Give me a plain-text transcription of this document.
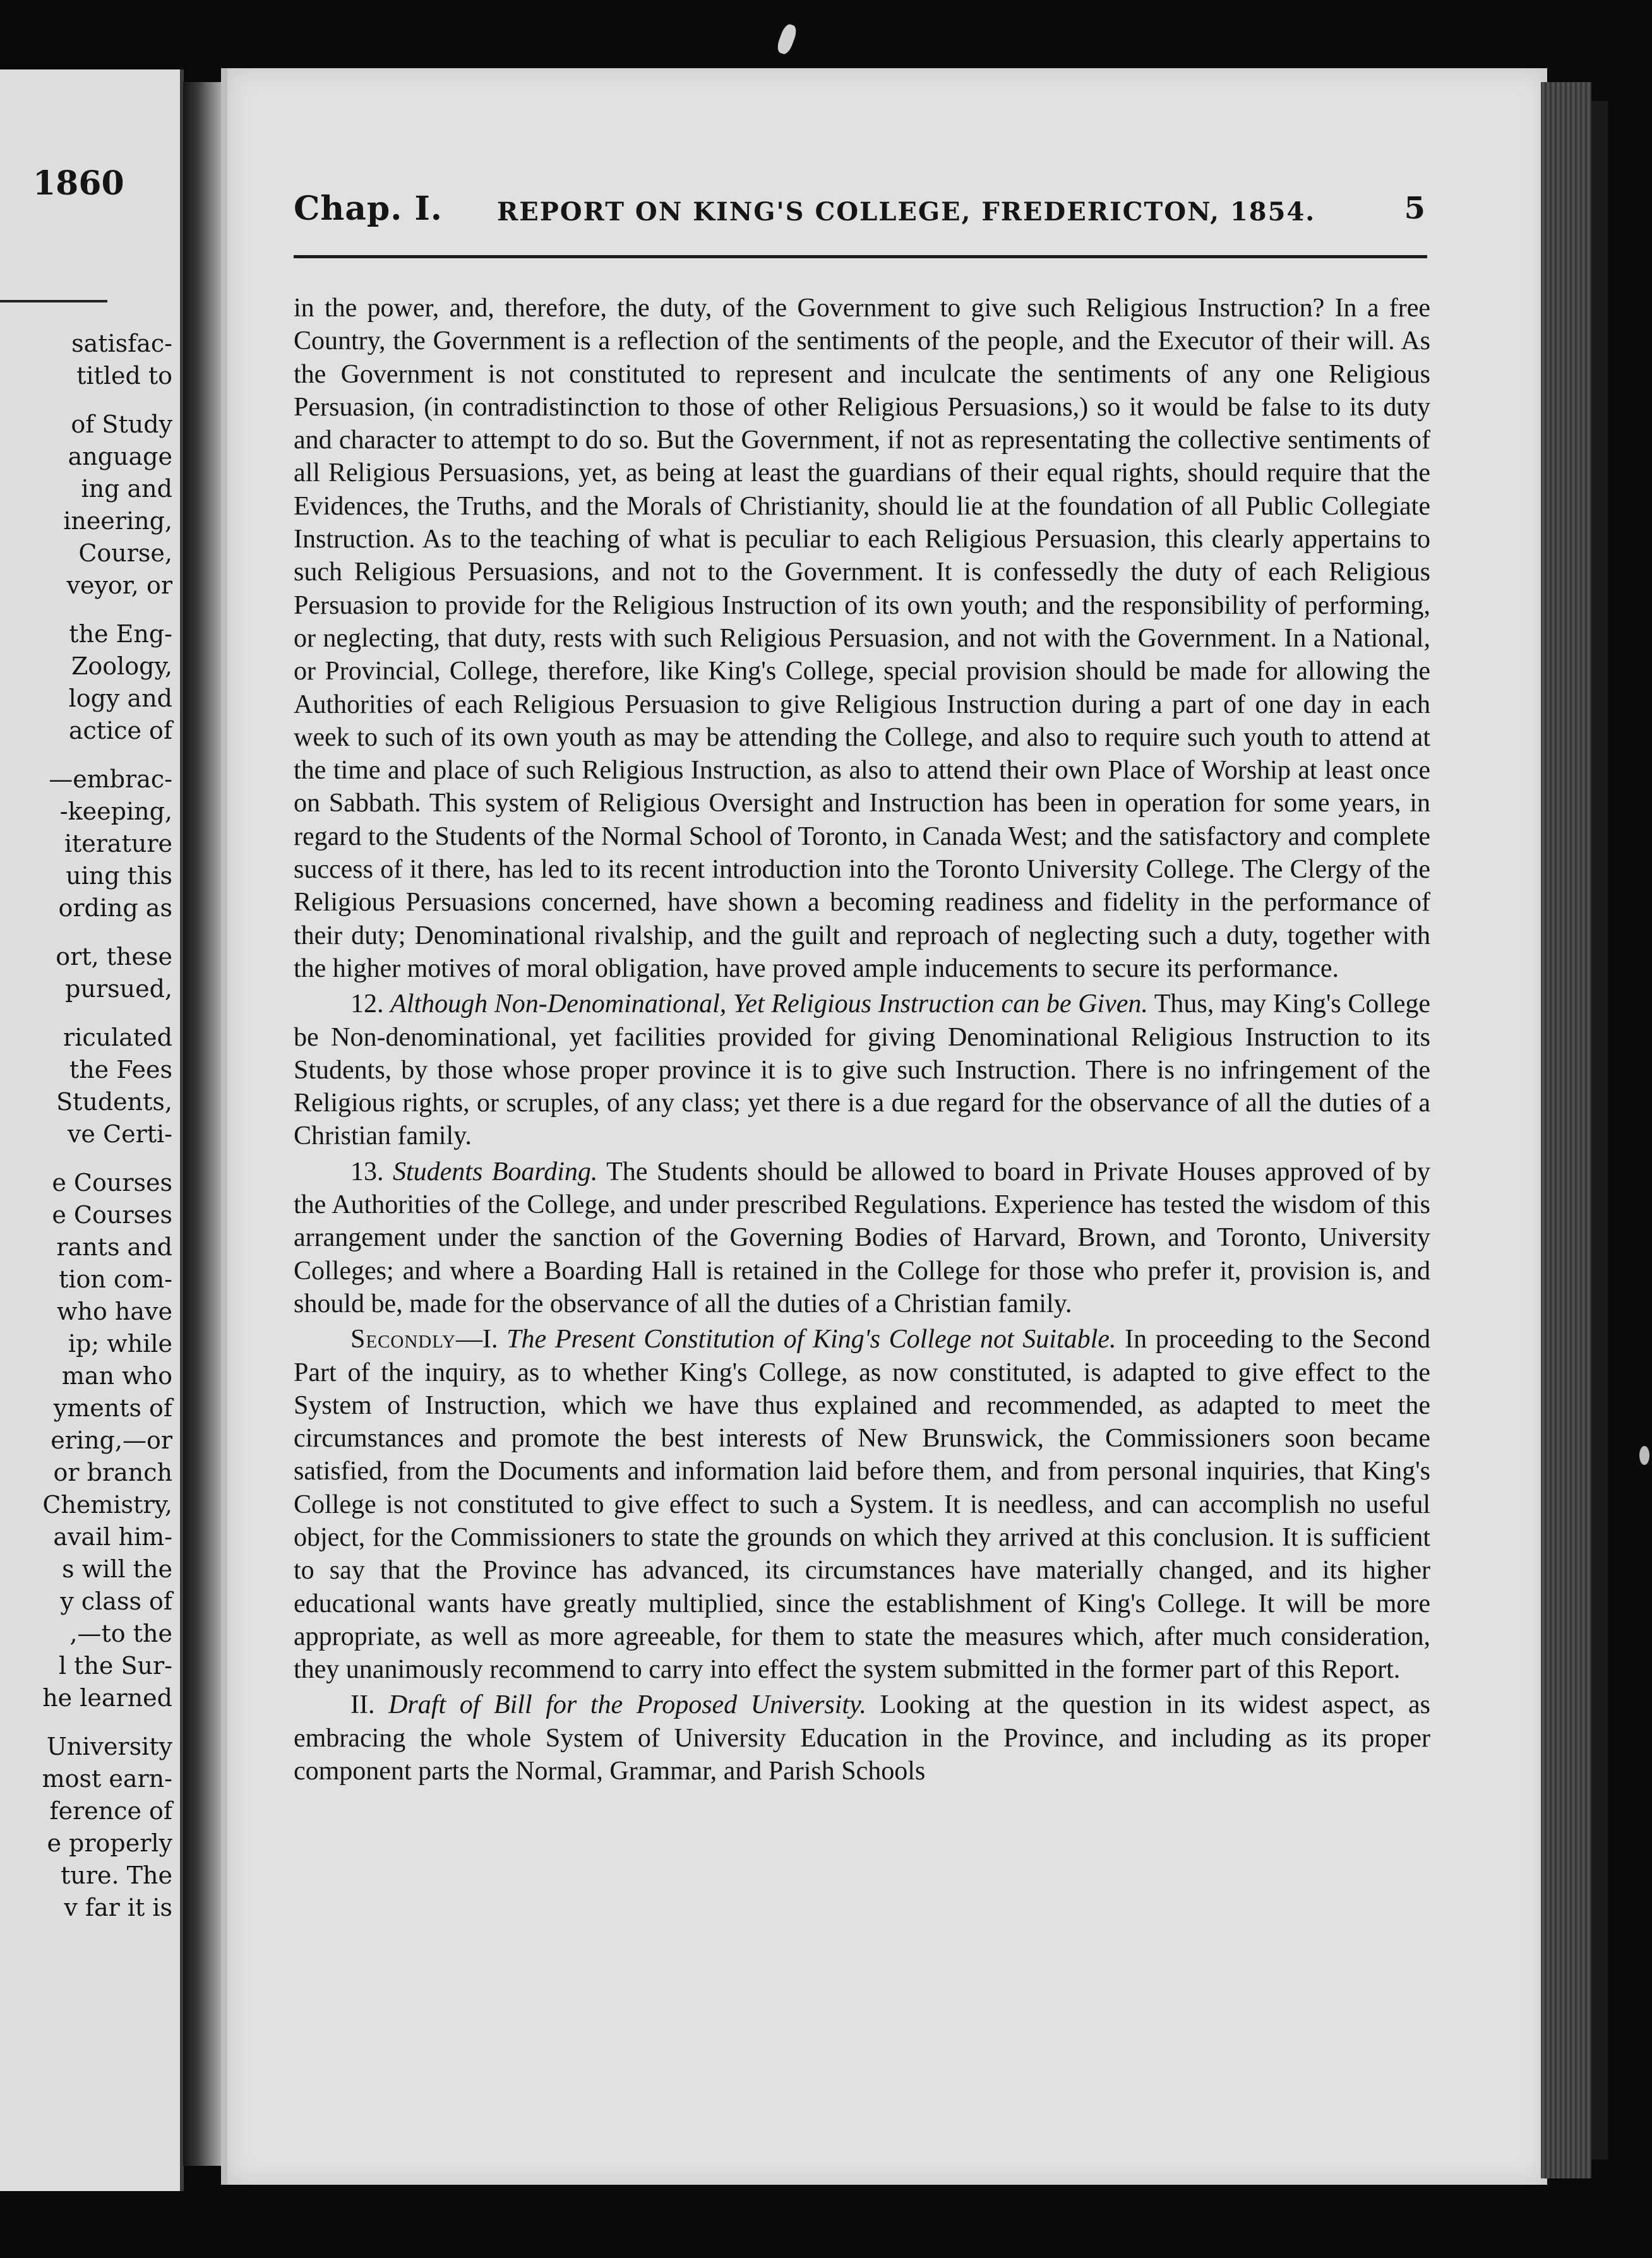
1860
satisfac-
titled to
of Study
anguage
ing and
ineering,
Course,
veyor, or
the Eng-
Zoology,
logy and
actice of
—embrac-
-keeping,
iterature
uing this
ording as
ort, these
pursued,
riculated
the Fees
Students,
ve Certi-
e Courses
e Courses
rants and
tion com-
who have
ip; while
man who
yments of
ering,—or
or branch
Chemistry,
avail him-
s will the
y class of
,—to the
l the Sur-
he learned
University
most earn-
ference of
e properly
ture. The
v far it is
Chap. I. REPORT ON KING'S COLLEGE, FREDERICTON, 1854.	5

in the power, and, therefore, the duty, of the Government to give such Religious Instruction? In a free Country, the Government is a reflection of the sentiments of the people, and the Executor of their will. As the Government is not constituted to represent and inculcate the sentiments of any one Religious Persuasion, (in contradistinction to those of other Religious Persuasions,) so it would be false to its duty and character to attempt to do so. But the Government, if not as representating the collective sentiments of all Religious Persuasions, yet, as being at least the guardians of their equal rights, should require that the Evidences, the Truths, and the Morals of Christianity, should lie at the foundation of all Public Collegiate Instruction. As to the teaching of what is peculiar to each Religious Persuasion, this clearly appertains to such Religious Persuasions, and not to the Government. It is confessedly the duty of each Religious Persuasion to provide for the Religious Instruction of its own youth; and the responsibility of performing, or neglecting, that duty, rests with such Religious Persuasion, and not with the Government. In a National, or Provincial, College, therefore, like King's College, special provision should be made for allowing the Authorities of each Religious Persuasion to give Religious Instruction during a part of one day in each week to such of its own youth as may be attending the College, and also to require such youth to attend at the time and place of such Religious Instruction, as also to attend their own Place of Worship at least once on Sabbath. This system of Religious Oversight and Instruction has been in operation for some years, in regard to the Students of the Normal School of Toronto, in Canada West; and the satisfactory and complete success of it there, has led to its recent introduction into the Toronto University College. The Clergy of the Religious Persuasions concerned, have shown a becoming readiness and fidelity in the performance of their duty; Denominational rivalship, and the guilt and reproach of neglecting such a duty, together with the higher motives of moral obligation, have proved ample inducements to secure its performance.

12. Although Non-Denominational, Yet Religious Instruction can be Given. Thus, may King's College be Non-denominational, yet facilities provided for giving Denominational Religious Instruction to its Students, by those whose proper province it is to give such Instruction. There is no infringement of the Religious rights, or scruples, of any class; yet there is a due regard for the observance of all the duties of a Christian family.

13. Students Boarding. The Students should be allowed to board in Private Houses approved of by the Authorities of the College, and under prescribed Regulations. Experience has tested the wisdom of this arrangement under the sanction of the Governing Bodies of Harvard, Brown, and Toronto, University Colleges; and where a Boarding Hall is retained in the College for those who prefer it, provision is, and should be, made for the observance of all the duties of a Christian family.

Secondly—I. The Present Constitution of King's College not Suitable. In proceeding to the Second Part of the inquiry, as to whether King's College, as now constituted, is adapted to give effect to the System of Instruction, which we have thus explained and recommended, as adapted to meet the circumstances and promote the best interests of New Brunswick, the Commissioners soon became satisfied, from the Documents and information laid before them, and from personal inquiries, that King's College is not constituted to give effect to such a System. It is needless, and can accomplish no useful object, for the Commissioners to state the grounds on which they arrived at this conclusion. It is sufficient to say that the Province has advanced, its circumstances have materially changed, and its higher educational wants have greatly multiplied, since the establishment of King's College. It will be more appropriate, as well as more agreeable, for them to state the measures which, after much consideration, they unanimously recommend to carry into effect the system submitted in the former part of this Report.

II. Draft of Bill for the Proposed University. Looking at the question in its widest aspect, as embracing the whole System of University Education in the Province, and including as its proper component parts the Normal, Grammar, and Parish Schools
